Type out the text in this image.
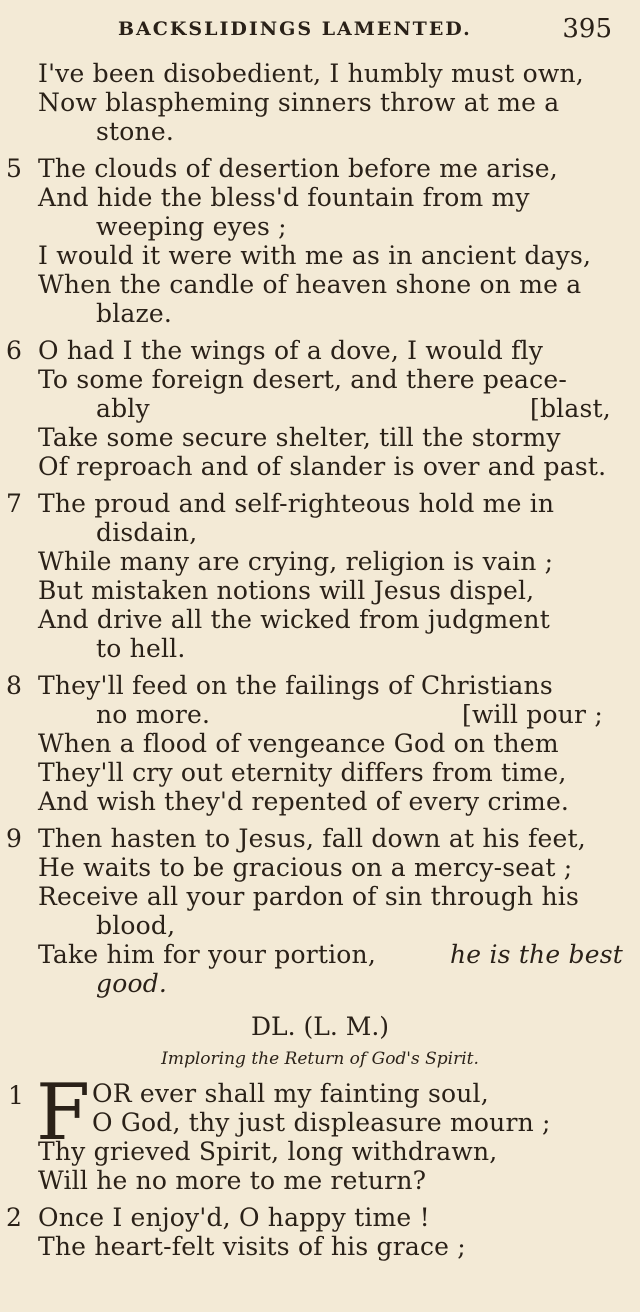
BACKSLIDINGS LAMENTED.	395
I've been disobedient, I humbly must own,
Now blaspheming sinners throw at me a
stone.
5 The clouds of desertion before me arise,
And hide the bless'd fountain from my
weeping eyes ;
I would it were with me as in ancient days,
When the candle of heaven shone on me a
blaze.
6 O had I the wings of a dove, I would fly
To some foreign desert, and there peace-
ably	[blast,
Take some secure shelter, till the stormy
Of reproach and of slander is over and past.
7 The proud and self-righteous hold me in
disdain,
While many are crying, religion is vain ;
But mistaken notions will Jesus dispel,
And drive all the wicked from judgment
to hell.
8 They'll feed on the failings of Christians
no more.	[will pour ;
When a flood of vengeance God on them
They'll cry out eternity differs from time,
And wish they'd repented of every crime.
9 Then hasten to Jesus, fall down at his feet,
He waits to be gracious on a mercy-seat ;
Receive all your pardon of sin through his
blood,
Take him for your portion,	he is the best
good.
DL. (L. M.)
Imploring the Return of God's Spirit.
1 F OR ever shall my fainting soul,
O God, thy just displeasure mourn ;
Thy grieved Spirit, long withdrawn,
Will he no more to me return?
2 Once I enjoy'd, O happy time !
The heart-felt visits of his grace ;
